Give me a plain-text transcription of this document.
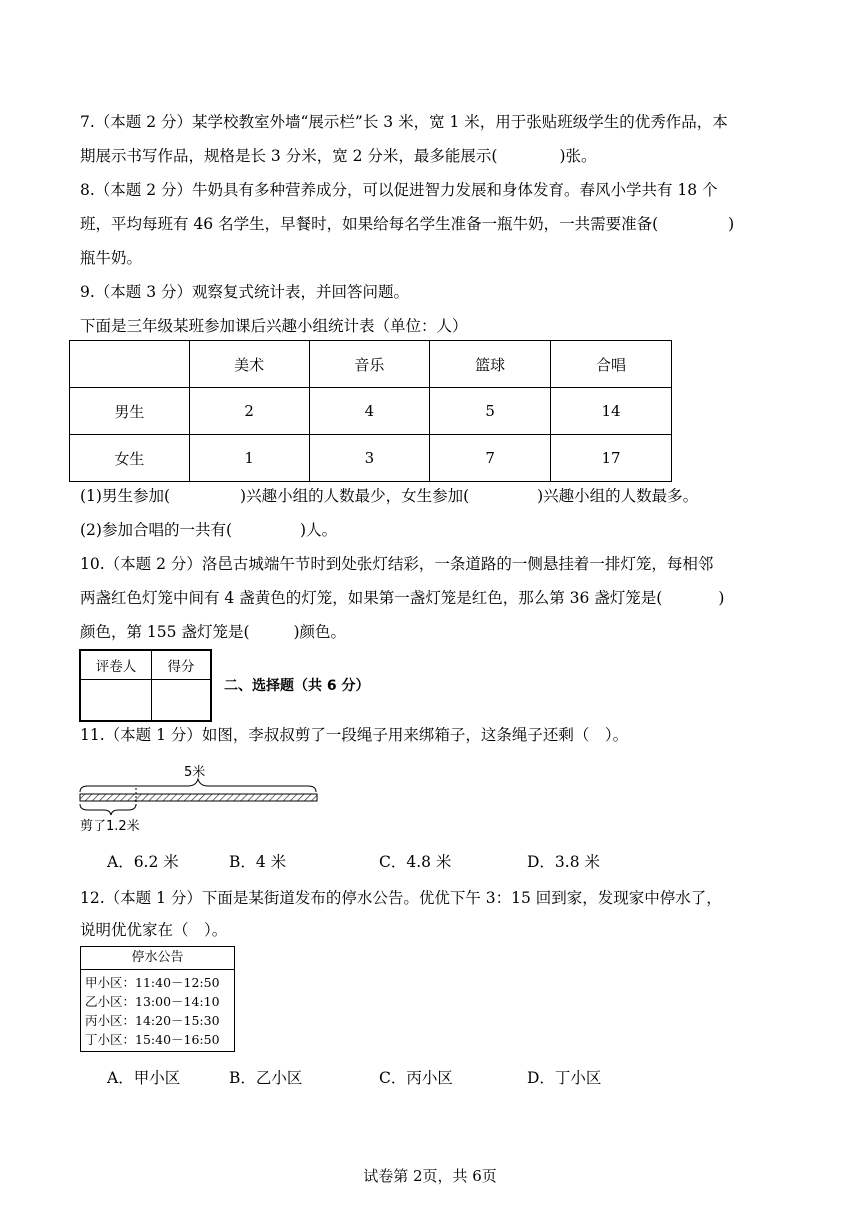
7.（本题 2 分）某学校教室外墙“展示栏”长 3 米，宽 1 米，用于张贴班级学生的优秀作品，本
期展示书写作品，规格是长 3 分米，宽 2 分米，最多能展示(	)张。
8.（本题 2 分）牛奶具有多种营养成分，可以促进智力发展和身体发育。春风小学共有 18 个
班，平均每班有 46 名学生，早餐时，如果给每名学生准备一瓶牛奶，一共需要准备(	)
瓶牛奶。
9.（本题 3 分）观察复式统计表，并回答问题。
下面是三年级某班参加课后兴趣小组统计表（单位：人）
	美术	音乐	篮球	合唱
男生	2	4	5	14
女生	1	3	7	17
(1)男生参加(	)兴趣小组的人数最少，女生参加(	)兴趣小组的人数最多。
(2)参加合唱的一共有(	)人。
10.（本题 2 分）洛邑古城端午节时到处张灯结彩，一条道路的一侧悬挂着一排灯笼，每相邻
两盏红色灯笼中间有 4 盏黄色的灯笼，如果第一盏灯笼是红色，那么第 36 盏灯笼是(	)
颜色，第 155 盏灯笼是(	)颜色。
评卷人	得分

二、选择题（共 6 分）
11.（本题 1 分）如图，李叔叔剪了一段绳子用来绑箱子，这条绳子还剩（　）。
5米
剪了1.2米
A．6.2 米	B．4 米	C．4.8 米	D．3.8 米
12.（本题 1 分）下面是某街道发布的停水公告。优优下午 3：15 回到家，发现家中停水了，
说明优优家在（　）。
停水公告
甲小区：11:40－12:50
乙小区：13:00－14:10
丙小区：14:20－15:30
丁小区：15:40－16:50
A．甲小区	B．乙小区	C．丙小区	D．丁小区
试卷第 2页，共 6页
